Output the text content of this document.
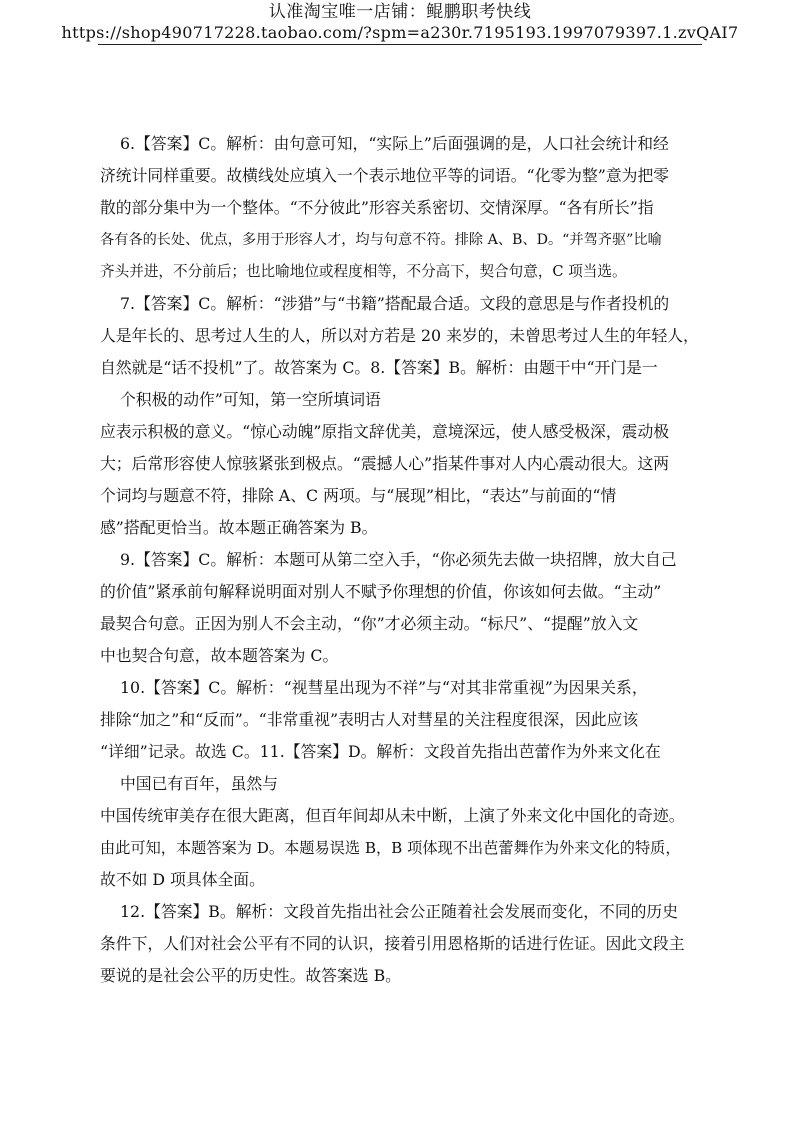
认准淘宝唯一店铺：鲲鹏职考快线
https://shop490717228.taobao.com/?spm=a230r.7195193.1997079397.1.zvQAI7
6.【答案】C。解析：由句意可知，“实际上”后面强调的是，人口社会统计和经
济统计同样重要。故横线处应填入一个表示地位平等的词语。“化零为整”意为把零
散的部分集中为一个整体。“不分彼此”形容关系密切、交情深厚。“各有所长”指
各有各的长处、优点，多用于形容人才，均与句意不符。排除 A、B、D。“并驾齐驱”比喻
齐头并进，不分前后；也比喻地位或程度相等，不分高下，契合句意，C 项当选。
7.【答案】C。解析：“涉猎”与“书籍”搭配最合适。文段的意思是与作者投机的
人是年长的、思考过人生的人，所以对方若是 20 来岁的，未曾思考过人生的年轻人，
自然就是“话不投机”了。故答案为 C。8.【答案】B。解析：由题干中“开门是一
个积极的动作”可知，第一空所填词语
应表示积极的意义。“惊心动魄”原指文辞优美，意境深远，使人感受极深，震动极
大；后常形容使人惊骇紧张到极点。“震撼人心”指某件事对人内心震动很大。这两
个词均与题意不符，排除 A、C 两项。与“展现”相比，“表达”与前面的“情
感”搭配更恰当。故本题正确答案为 B。
9.【答案】C。解析：本题可从第二空入手，“你必须先去做一块招牌，放大自己
的价值”紧承前句解释说明面对别人不赋予你理想的价值，你该如何去做。“主动”
最契合句意。正因为别人不会主动，“你”才必须主动。“标尺”、“提醒”放入文
中也契合句意，故本题答案为 C。
10.【答案】C。解析：“视彗星出现为不祥”与“对其非常重视”为因果关系，
排除“加之”和“反而”。“非常重视”表明古人对彗星的关注程度很深，因此应该
“详细”记录。故选 C。11.【答案】D。解析：文段首先指出芭蕾作为外来文化在
中国已有百年，虽然与
中国传统审美存在很大距离，但百年间却从未中断，上演了外来文化中国化的奇迹。
由此可知，本题答案为 D。本题易误选 B，B 项体现不出芭蕾舞作为外来文化的特质，
故不如 D 项具体全面。
12.【答案】B。解析：文段首先指出社会公正随着社会发展而变化，不同的历史
条件下，人们对社会公平有不同的认识，接着引用恩格斯的话进行佐证。因此文段主
要说的是社会公平的历史性。故答案选 B。
